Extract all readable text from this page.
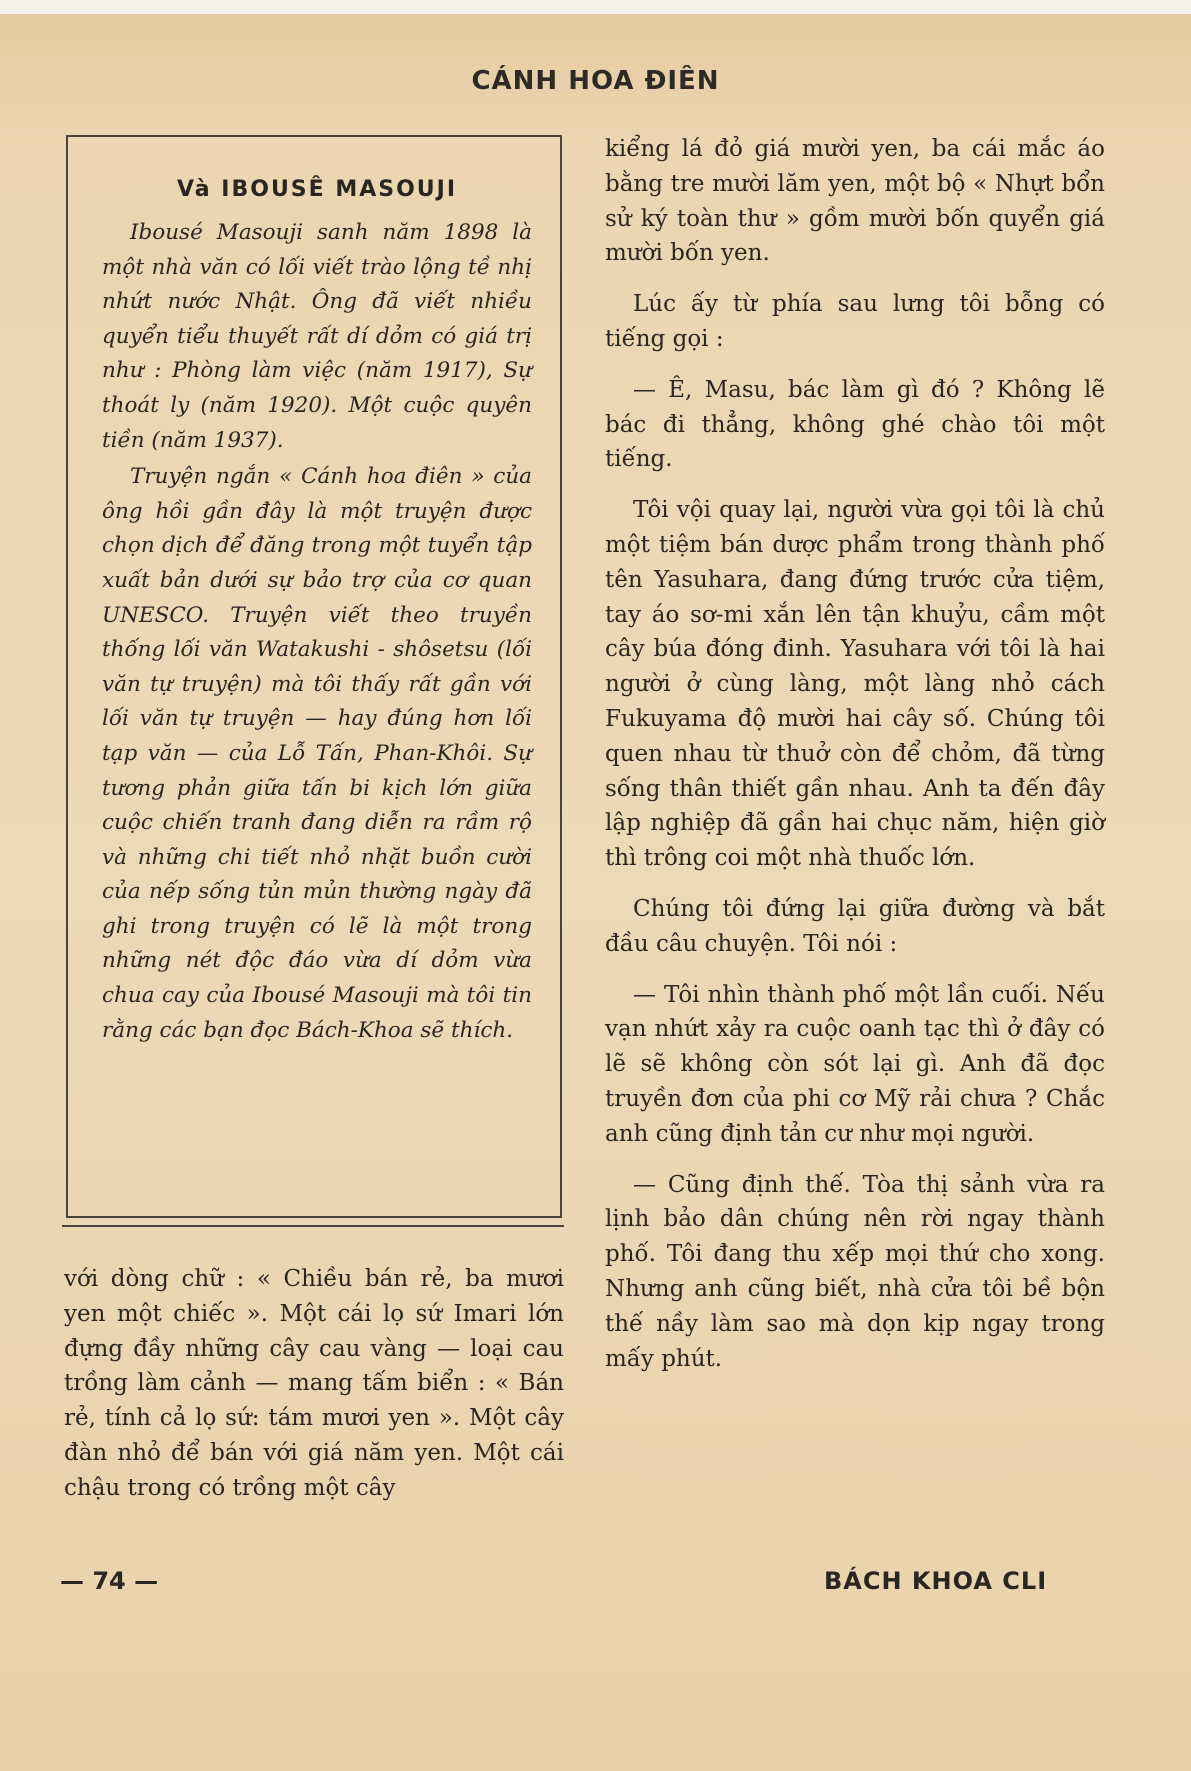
CÁNH HOA ĐIÊN
Và IBOUSÊ MASOUJI

Ibousé Masouji sanh năm 1898 là một nhà văn có lối viết trào lộng tề nhị nhứt nước Nhật. Ông đã viết nhiều quyển tiểu thuyết rất dí dỏm có giá trị như : Phòng làm việc (năm 1917), Sự thoát ly (năm 1920). Một cuộc quyên tiền (năm 1937).

Truyện ngắn « Cánh hoa điên » của ông hồi gần đây là một truyện được chọn dịch để đăng trong một tuyển tập xuất bản dưới sự bảo trợ của cơ quan UNESCO. Truyện viết theo truyền thống lối văn Watakushi - shôsetsu (lối văn tự truyện) mà tôi thấy rất gần với lối văn tự truyện — hay đúng hơn lối tạp văn — của Lỗ Tấn, Phan-Khôi. Sự tương phản giữa tấn bi kịch lớn giữa cuộc chiến tranh đang diễn ra rầm rộ và những chi tiết nhỏ nhặt buồn cười của nếp sống tủn mủn thường ngày đã ghi trong truyện có lẽ là một trong những nét độc đáo vừa dí dỏm vừa chua cay của Ibousé Masouji mà tôi tin rằng các bạn đọc Bách-Khoa sẽ thích.

với dòng chữ : « Chiều bán rẻ, ba mươi yen một chiếc ». Một cái lọ sứ Imari lớn đựng đầy những cây cau vàng — loại cau trồng làm cảnh — mang tấm biển : « Bán rẻ, tính cả lọ sứ: tám mươi yen ». Một cây đàn nhỏ để bán với giá năm yen. Một cái chậu trong có trồng một cây

kiểng lá đỏ giá mười yen, ba cái mắc áo bằng tre mười lăm yen, một bộ « Nhựt bổn sử ký toàn thư » gồm mười bốn quyển giá mười bốn yen.

Lúc ấy từ phía sau lưng tôi bỗng có tiếng gọi :

— Ê, Masu, bác làm gì đó ? Không lẽ bác đi thẳng, không ghé chào tôi một tiếng.

Tôi vội quay lại, người vừa gọi tôi là chủ một tiệm bán dược phẩm trong thành phố tên Yasuhara, đang đứng trước cửa tiệm, tay áo sơ-mi xắn lên tận khuỷu, cầm một cây búa đóng đinh. Yasuhara với tôi là hai người ở cùng làng, một làng nhỏ cách Fukuyama độ mười hai cây số. Chúng tôi quen nhau từ thuở còn để chỏm, đã từng sống thân thiết gần nhau. Anh ta đến đây lập nghiệp đã gần hai chục năm, hiện giờ thì trông coi một nhà thuốc lớn.

Chúng tôi đứng lại giữa đường và bắt đầu câu chuyện. Tôi nói :

— Tôi nhìn thành phố một lần cuối. Nếu vạn nhứt xảy ra cuộc oanh tạc thì ở đây có lẽ sẽ không còn sót lại gì. Anh đã đọc truyền đơn của phi cơ Mỹ rải chưa ? Chắc anh cũng định tản cư như mọi người.

— Cũng định thế. Tòa thị sảnh vừa ra lịnh bảo dân chúng nên rời ngay thành phố. Tôi đang thu xếp mọi thứ cho xong. Nhưng anh cũng biết, nhà cửa tôi bề bộn thế nầy làm sao mà dọn kịp ngay trong mấy phút.

— 74 —	BÁCH KHOA CLI
